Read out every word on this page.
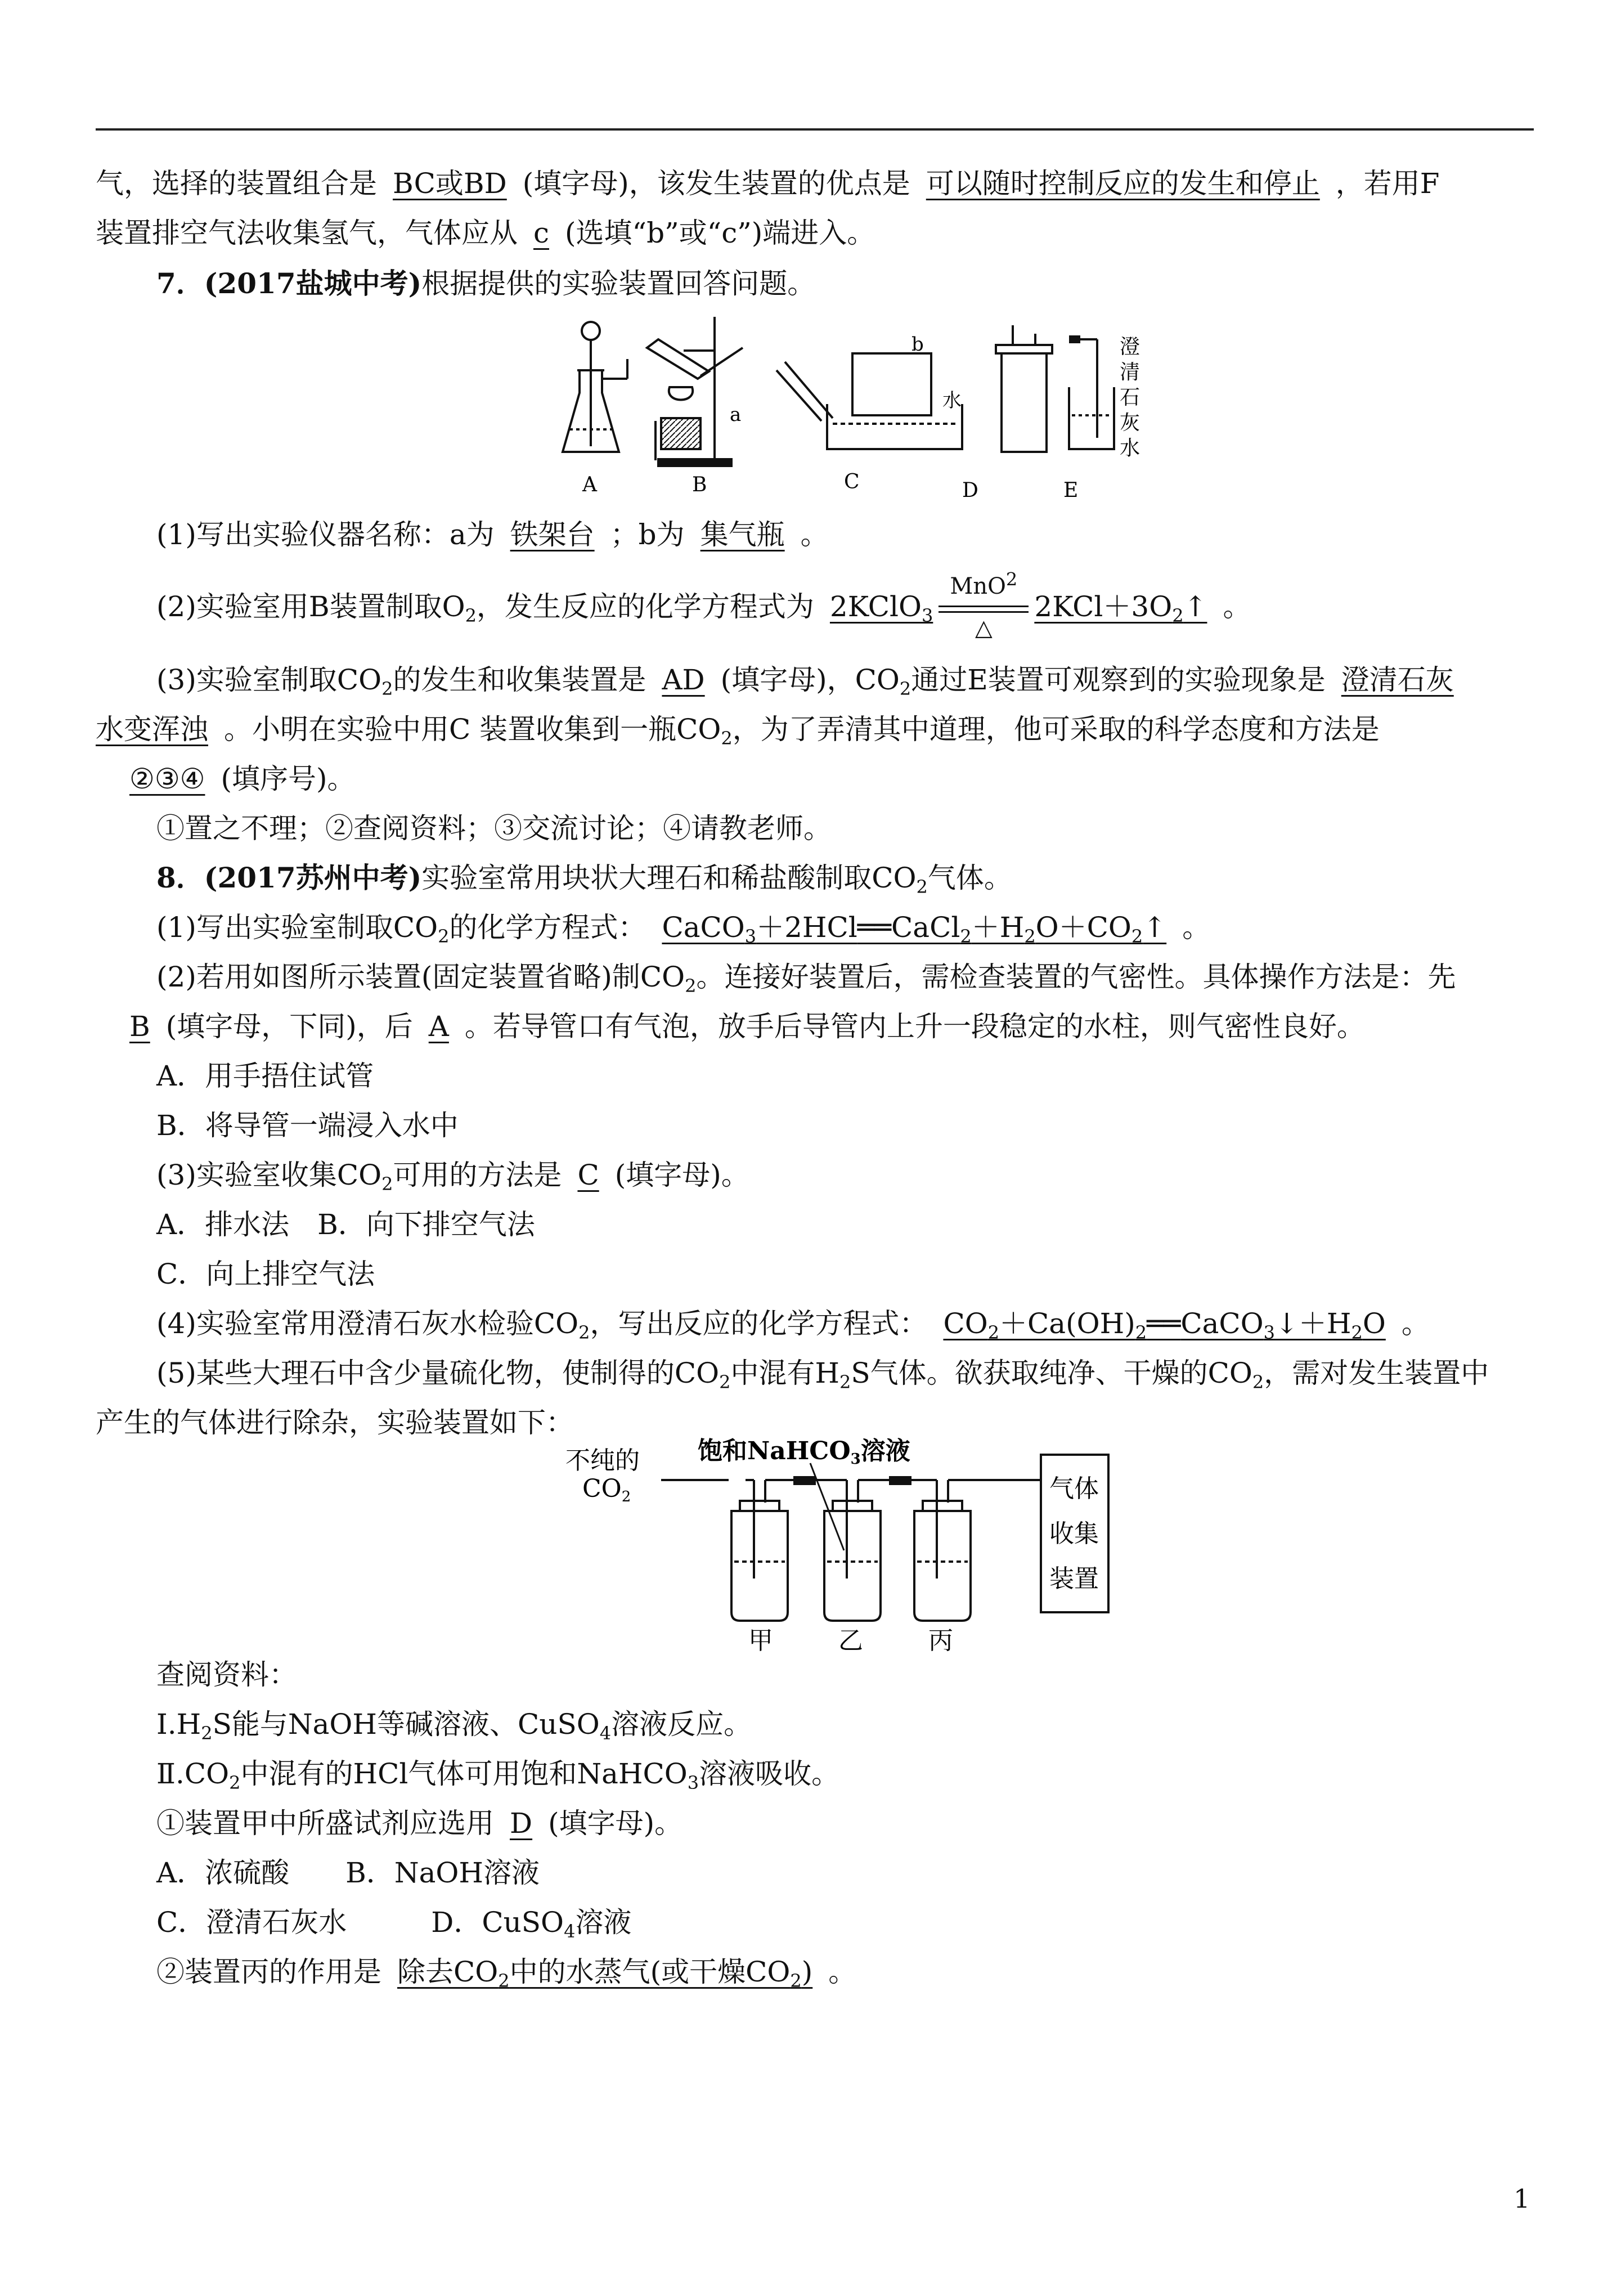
气，选择的装置组合是 BC或BD (填字母)，该发生装置的优点是 可以随时控制反应的发生和停止 ，若用F
装置排空气法收集氢气，气体应从 c (选填“b”或“c”)端进入。
7．(2017盐城中考)根据提供的实验装置回答问题。
a
b
水
澄
清
石
灰
水
A	B	C	D	E
(1)写出实验仪器名称：a为 铁架台 ；b为 集气瓶 。
(2)实验室用B装置制取$O_2$，发生反应的化学方程式为 2KClO$_3$ $\frac{MnO^2}{\triangle}$ $2KCl+3O_2↑$ 。
(3)实验室制取$CO_2$的发生和收集装置是 AD (填字母)，$CO_2$通过E装置可观察到的实验现象是 澄清石灰
水变浑浊 。小明在实验中用C 装置收集到一瓶$CO_2$，为了弄清其中道理，他可采取的科学态度和方法是
②③④ (填序号)。
①置之不理；②查阅资料；③交流讨论；④请教老师。
8．(2017苏州中考)实验室常用块状大理石和稀盐酸制取$CO_2$气体。
(1)写出实验室制取$CO_2$的化学方程式： $CaCO_3+2HCl══CaCl_2+H_2O+CO_2↑$ 。
(2)若用如图所示装置(固定装置省略)制$CO_2$。连接好装置后，需检查装置的气密性。具体操作方法是：先
B (填字母，下同)，后 A 。若导管口有气泡，放手后导管内上升一段稳定的水柱，则气密性良好。
A．用手捂住试管
B．将导管一端浸入水中
(3)实验室收集$CO_2$可用的方法是 C (填字母)。
A．排水法　B．向下排空气法
C．向上排空气法
(4)实验室常用澄清石灰水检验$CO_2$，写出反应的化学方程式： $CO_2+Ca(OH)_2══CaCO_3↓+H_2O$ 。
(5)某些大理石中含少量硫化物，使制得的$CO_2$中混有$H_2S$气体。欲获取纯净、干燥的$CO_2$，需对发生装置中
产生的气体进行除杂，实验装置如下：
不纯的
CO2
饱和NaHCO3溶液
甲	乙	丙
气体
收集
装置
查阅资料：
$Ⅰ.H_2S$能与NaOH等碱溶液、CuSO$_4$溶液反应。
$Ⅱ.CO_2$中混有的HCl气体可用饱和NaHCO$_3$溶液吸收。
①装置甲中所盛试剂应选用 D (填字母)。
A．浓硫酸　　B．NaOH溶液
C．澄清石灰水　　　D．CuSO$_4$溶液
②装置丙的作用是 除去$CO_2$中的水蒸气(或干燥$CO_2$) 。
1
